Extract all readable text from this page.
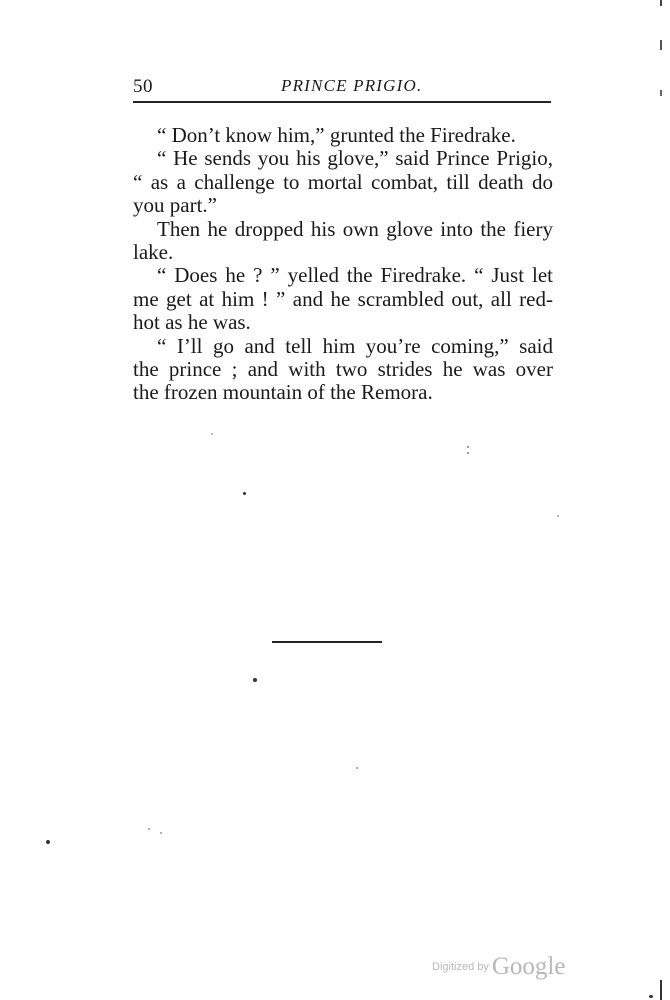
50	PRINCE PRIGIO.
“ Don’t know him,” grunted the Firedrake.
“ He sends you his glove,” said Prince Prigio,
“ as a challenge to mortal combat, till death do
you part.”
Then he dropped his own glove into the fiery
lake.
“ Does he ? ” yelled the Firedrake. “ Just let
me get at him ! ” and he scrambled out, all red-
hot as he was.
“ I’ll go and tell him you’re coming,” said
the prince ; and with two strides he was over
the frozen mountain of the Remora.
Digitized by Google
